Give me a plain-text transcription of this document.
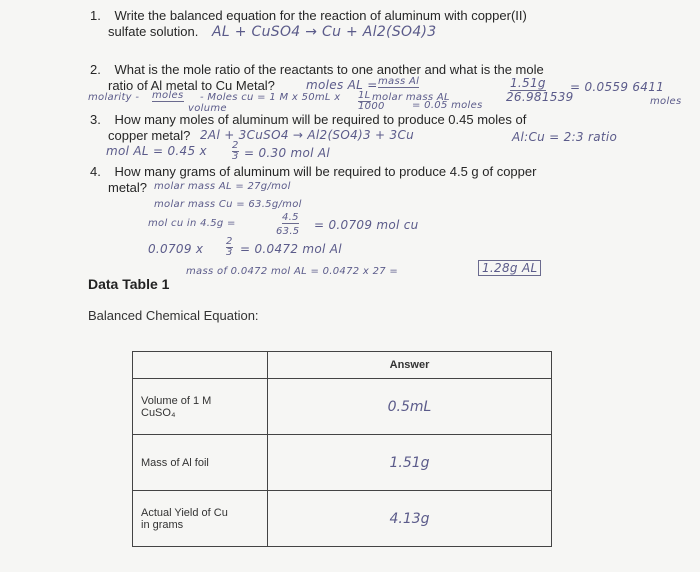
1. Write the balanced equation for the reaction of aluminum with copper(II)
sulfate solution. AL + CuSO4 → Cu + Al2(SO4)3
2. What is the mole ratio of the reactants to one another and what is the mole
ratio of Al metal to Cu Metal?	moles AL = mass Al
molar mass AL
1.51g
26.981539
= 0.0559 6411
moles
molarity - moles
volume
- Moles cu = 1 M x 50mL x 1L
1000	= 0.05 moles
3. How many moles of aluminum will be required to produce 0.45 moles of
copper metal? 2Al + 3CuSO4 → Al2(SO4)3 + 3Cu	Al:Cu = 2:3 ratio
mol AL = 0.45 x	2
3 = 0.30 mol Al
4. How many grams of aluminum will be required to produce 4.5 g of copper
metal? molar mass AL = 27g/mol
molar mass Cu = 63.5g/mol
mol cu in 4.5g =
4.5
63.5 = 0.0709 mol cu
0.0709 x
2
3 = 0.0472 mol Al
mass of 0.0472 mol AL = 0.0472 x 27 =	1.28g AL
Data Table 1
Balanced Chemical Equation:
	Answer

Volume of 1 M
CuSO₄	0.5mL

Mass of Al foil	1.51g

Actual Yield of Cu
in grams	4.13g
